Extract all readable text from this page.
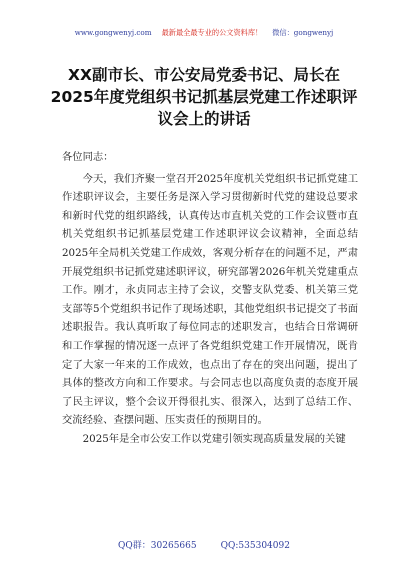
www.gongwenyj.com 最新最全最专业的公文资料库！ 微信：gongwenyj
XX副市长、市公安局党委书记、局长在2025年度党组织书记抓基层党建工作述职评议会上的讲话

各位同志：

今天，我们齐聚一堂召开2025年度机关党组织书记抓党建工作述职评议会，主要任务是深入学习贯彻新时代党的建设总要求和新时代党的组织路线，认真传达市直机关党的工作会议暨市直机关党组织书记抓基层党建工作述职评议会议精神，全面总结2025年全局机关党建工作成效，客观分析存在的问题不足，严肃开展党组织书记抓党建述职评议，研究部署2026年机关党建重点工作。刚才，永贞同志主持了会议，交警支队党委、机关第三党支部等5个党组织书记作了现场述职，其他党组织书记提交了书面述职报告。我认真听取了每位同志的述职发言，也结合日常调研和工作掌握的情况逐一点评了各党组织党建工作开展情况，既肯定了大家一年来的工作成效，也点出了存在的突出问题，提出了具体的整改方向和工作要求。与会同志也以高度负责的态度开展了民主评议，整个会议开得很扎实、很深入，达到了总结工作、交流经验、查摆问题、压实责任的预期目的。

2025年是全市公安工作以党建引领实现高质量发展的关键

QQ群：30265665	QQ:535304092
